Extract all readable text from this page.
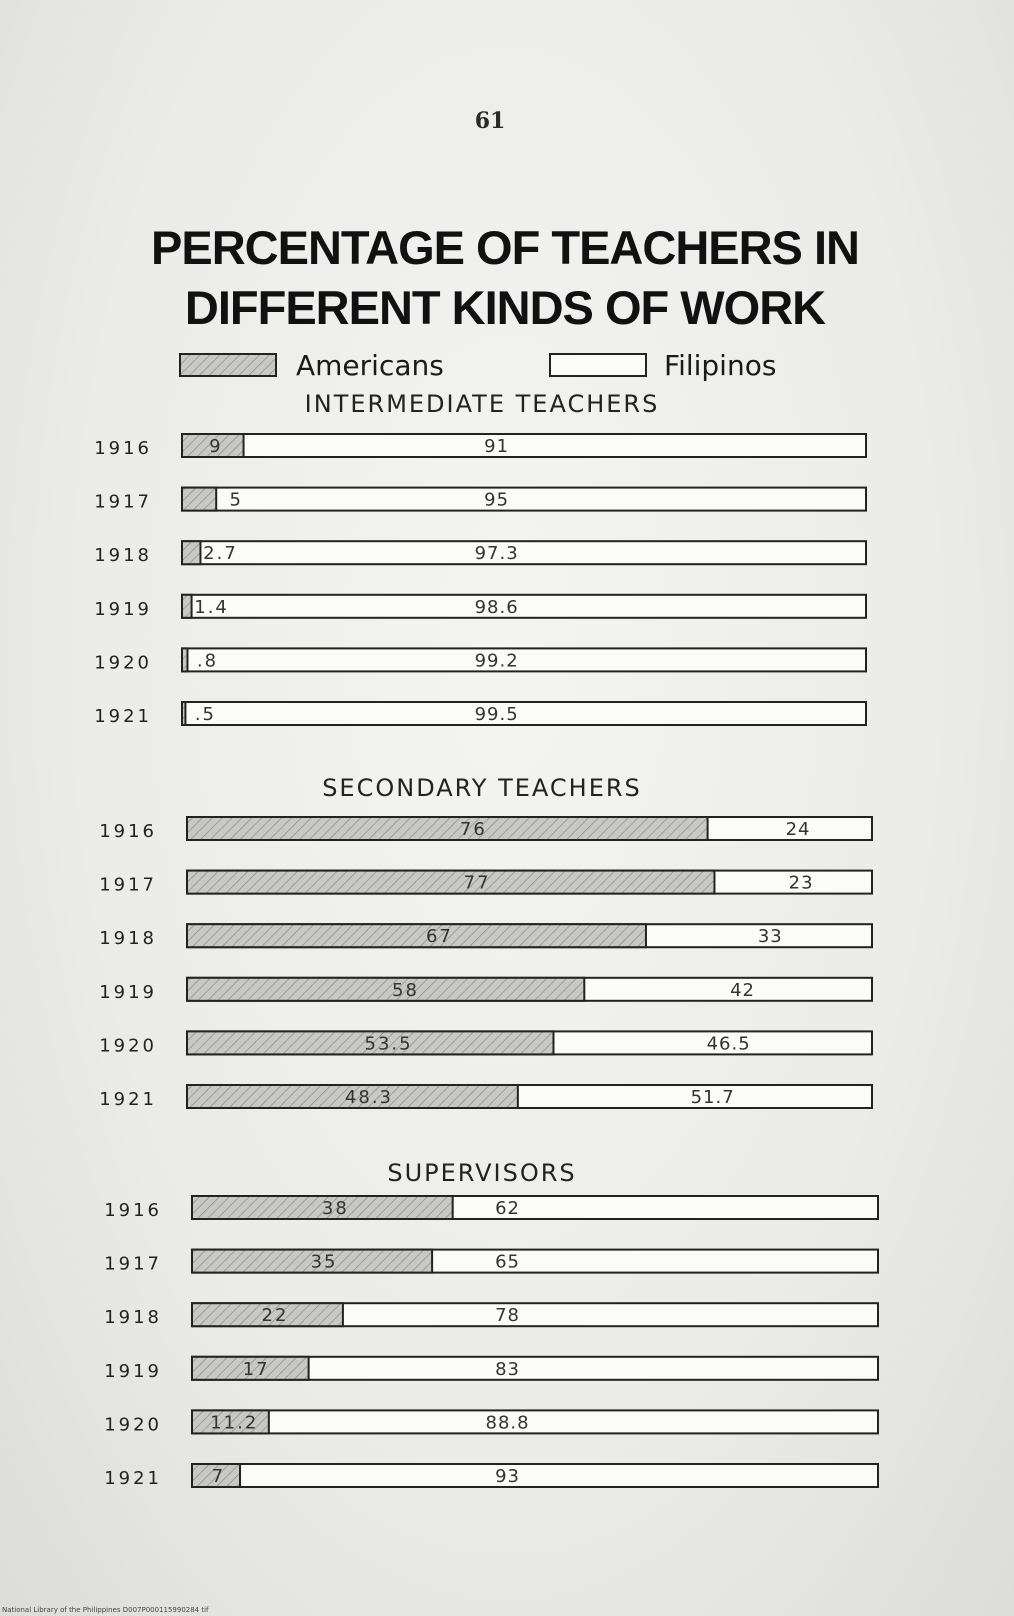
61
PERCENTAGE OF TEACHERS IN DIFFERENT KINDS OF WORK
Americans	Filipinos
INTERMEDIATE TEACHERS
1916	9	91
1917	5	95
1918	2.7	97.3
1919 1.4	98.6
1920 .8	99.2
1921 .5	99.5
SECONDARY TEACHERS
1916	76	24
1917	77	23
1918	67	33
1919	58	42
1920	53.5	46.5
1921	48.3	51.7
SUPERVISORS
1916	38	62
1917	35	65
1918	22	78
1919	17	83
1920	11.2	88.8
1921	7	93
National Library of the Philippines D007P000115990284 tif
